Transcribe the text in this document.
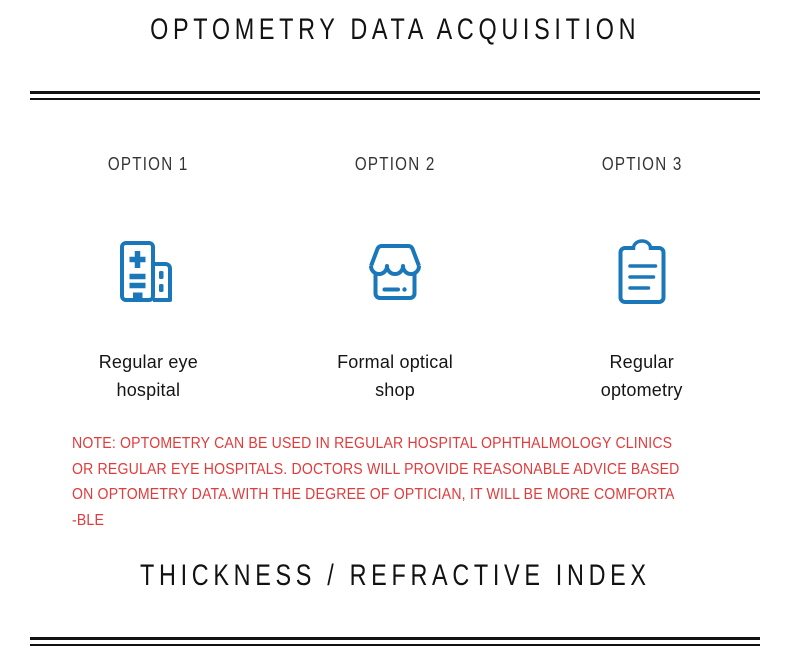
OPTOMETRY DATA ACQUISITION
OPTION 1
Regular eye
hospital
OPTION 2
Formal optical
shop
OPTION 3
Regular
optometry
NOTE: OPTOMETRY CAN BE USED IN REGULAR HOSPITAL OPHTHALMOLOGY CLINICS
OR REGULAR EYE HOSPITALS. DOCTORS WILL PROVIDE REASONABLE ADVICE BASED
ON OPTOMETRY DATA.WITH THE DEGREE OF OPTICIAN, IT WILL BE MORE COMFORTA
-BLE
THICKNESS / REFRACTIVE INDEX
